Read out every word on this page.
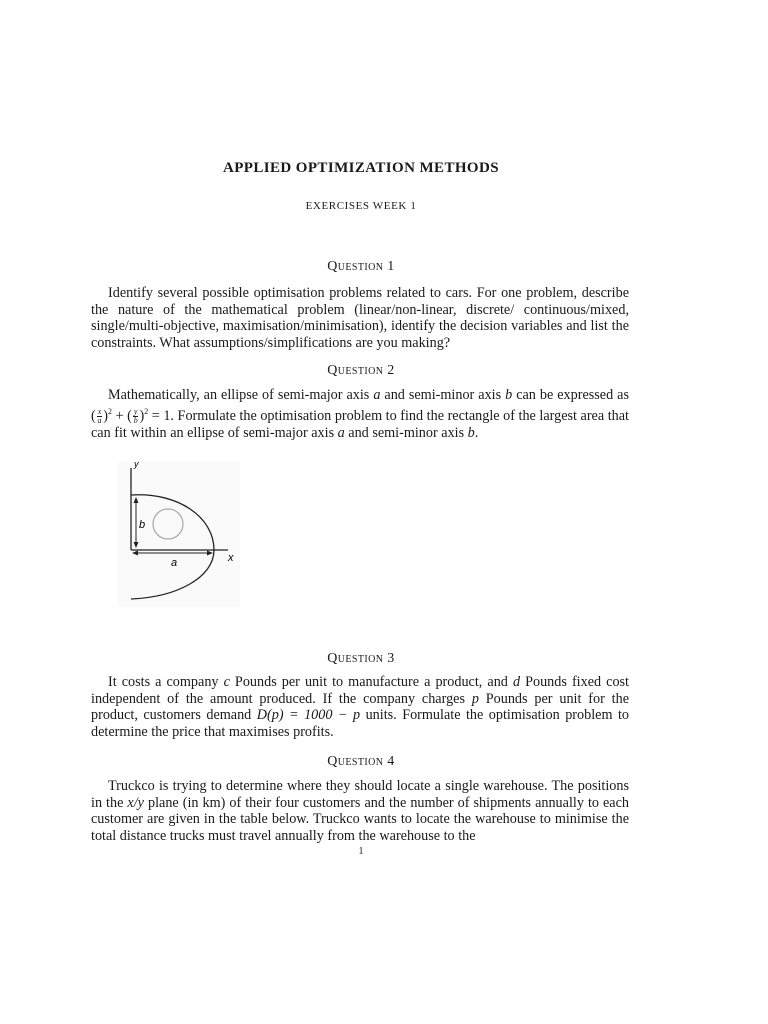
APPLIED OPTIMIZATION METHODS
EXERCISES WEEK 1
Question 1
Identify several possible optimisation problems related to cars. For one problem, describe the nature of the mathematical problem (linear/non-linear, discrete/ continuous/mixed, single/multi-objective, maximisation/minimisation), identify the decision variables and list the constraints. What assumptions/simplifications are you making?
Question 2
Mathematically, an ellipse of semi-major axis a and semi-minor axis b can be expressed as ( $\frac{x}{a} )^2$ + ( $\frac{y}{b} )^2 = 1$. Formulate the optimisation problem to find the rectangle of the largest area that can fit within an ellipse of semi-major axis a and semi-minor axis b.
y
x
b
a
Question 3
It costs a company c Pounds per unit to manufacture a product, and d Pounds fixed cost independent of the amount produced. If the company charges p Pounds per unit for the product, customers demand D(p) = 1000 − p units. Formulate the optimisation problem to determine the price that maximises profits.
Question 4
Truckco is trying to determine where they should locate a single warehouse. The positions in the x/y plane (in km) of their four customers and the number of shipments annually to each customer are given in the table below. Truckco wants to locate the warehouse to minimise the total distance trucks must travel annually from the warehouse to the
1
